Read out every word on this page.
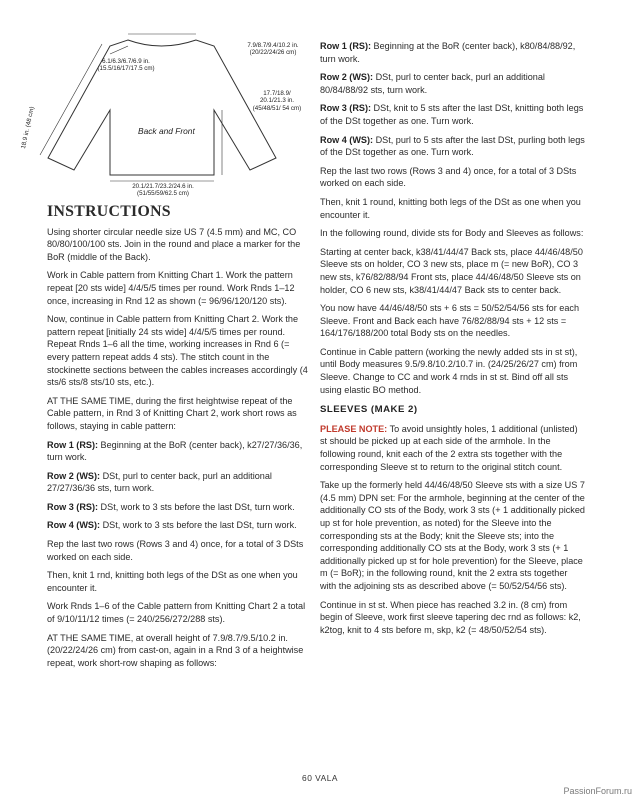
7.9/8.7/9.4/10.2 in. (20/22/24/26 cm)
6.1/6.3/6.7/6.9 in. (15.5/16/17/17.5 cm)
17.7/18.9/ 20.1/21.3 in. (45/48/51/ 54 cm)
Back and Front
20.1/21.7/23.2/24.6 in. (51/55/59/62.5 cm)
18.9 in. (48 cm)
INSTRUCTIONS

Using shorter circular needle size US 7 (4.5 mm) and MC, CO 80/80/100/100 sts. Join in the round and place a marker for the BoR (middle of the Back).

Work in Cable pattern from Knitting Chart 1. Work the pattern repeat [20 sts wide] 4/4/5/5 times per round. Work Rnds 1–12 once, increasing in Rnd 12 as shown (= 96/96/120/120 sts).

Now, continue in Cable pattern from Knitting Chart 2. Work the pattern repeat [initially 24 sts wide] 4/4/5/5 times per round. Repeat Rnds 1–6 all the time, working increases in Rnd 6 (= every pattern repeat adds 4 sts). The stitch count in the stockinette sections between the cables increases accordingly (4 sts/6 sts/8 sts/10 sts, etc.).

AT THE SAME TIME, during the first heightwise repeat of the Cable pattern, in Rnd 3 of Knitting Chart 2, work short rows as follows, staying in cable pattern:

Row 1 (RS): Beginning at the BoR (center back), k27/27/36/36, turn work.

Row 2 (WS): DSt, purl to center back, purl an additional 27/27/36/36 sts, turn work.

Row 3 (RS): DSt, work to 3 sts before the last DSt, turn work.

Row 4 (WS): DSt, work to 3 sts before the last DSt, turn work.

Rep the last two rows (Rows 3 and 4) once, for a total of 3 DSts worked on each side.

Then, knit 1 rnd, knitting both legs of the DSt as one when you encounter it.

Work Rnds 1–6 of the Cable pattern from Knitting Chart 2 a total of 9/10/11/12 times (= 240/256/272/288 sts).

AT THE SAME TIME, at overall height of 7.9/8.7/9.5/10.2 in. (20/22/24/26 cm) from cast-on, again in a Rnd 3 of a heightwise repeat, work short-row shaping as follows:

Row 1 (RS): Beginning at the BoR (center back), k80/84/88/92, turn work.

Row 2 (WS): DSt, purl to center back, purl an additional 80/84/88/92 sts, turn work.

Row 3 (RS): DSt, knit to 5 sts after the last DSt, knitting both legs of the DSt together as one. Turn work.

Row 4 (WS): DSt, purl to 5 sts after the last DSt, purling both legs of the DSt together as one. Turn work.

Rep the last two rows (Rows 3 and 4) once, for a total of 3 DSts worked on each side.

Then, knit 1 round, knitting both legs of the DSt as one when you encounter it.

In the following round, divide sts for Body and Sleeves as follows:

Starting at center back, k38/41/44/47 Back sts, place 44/46/48/50 Sleeve sts on holder, CO 3 new sts, place m (= new BoR), CO 3 new sts, k76/82/88/94 Front sts, place 44/46/48/50 Sleeve sts on holder, CO 6 new sts, k38/41/44/47 Back sts to center back.

You now have 44/46/48/50 sts + 6 sts = 50/52/54/56 sts for each Sleeve. Front and Back each have 76/82/88/94 sts + 12 sts = 164/176/188/200 total Body sts on the needles.

Continue in Cable pattern (working the newly added sts in st st), until Body measures 9.5/9.8/10.2/10.7 in. (24/25/26/27 cm) from Sleeve. Change to CC and work 4 rnds in st st. Bind off all sts using elastic BO method.

SLEEVES (MAKE 2)

PLEASE NOTE: To avoid unsightly holes, 1 additional (unlisted) st should be picked up at each side of the armhole. In the following round, knit each of the 2 extra sts together with the corresponding Sleeve st to return to the original stitch count.

Take up the formerly held 44/46/48/50 Sleeve sts with a size US 7 (4.5 mm) DPN set: For the armhole, beginning at the center of the additionally CO sts of the Body, work 3 sts (+ 1 additionally picked up st for hole prevention, as noted) for the Sleeve into the corresponding sts at the Body; knit the Sleeve sts; into the corresponding additionally CO sts at the Body, work 3 sts (+ 1 additionally picked up st for hole prevention) for the Sleeve, place m (= BoR); in the following round, knit the 2 extra sts together with the adjoining sts as described above (= 50/52/54/56 sts).

Continue in st st. When piece has reached 3.2 in. (8 cm) from begin of Sleeve, work first sleeve tapering dec rnd as follows: k2, k2tog, knit to 4 sts before m, skp, k2 (= 48/50/52/54 sts).

60 VALA
PassionForum.ru
